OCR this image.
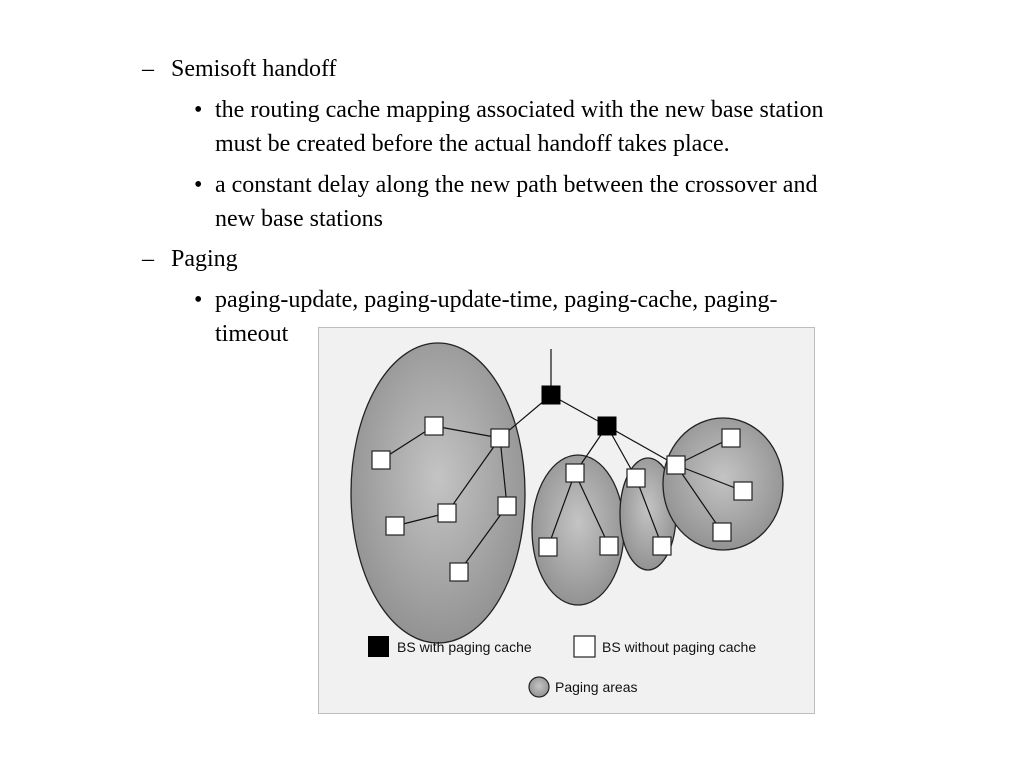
– Semisoft handoff
• the routing cache mapping associated with the new base station
must be created before the actual handoff takes place.
• a constant delay along the new path between the crossover and
new base stations
– Paging
• paging-update, paging-update-time, paging-cache, paging-
timeout
BS with paging cache	BS without paging cache
Paging areas
